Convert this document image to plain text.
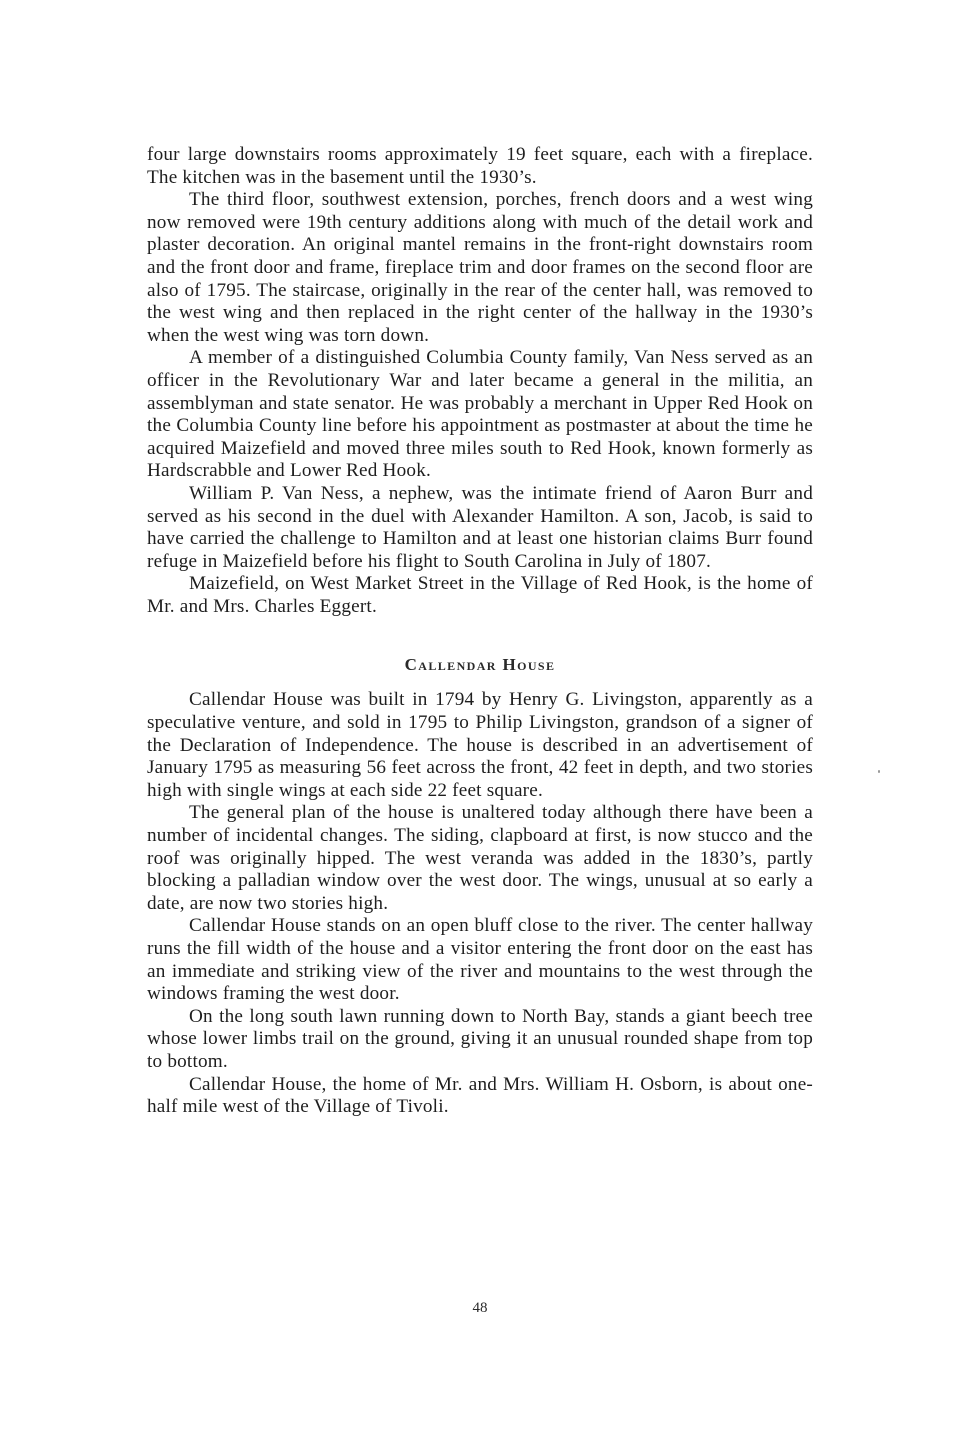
four large downstairs rooms approximately 19 feet square, each with a fireplace. The kitchen was in the basement until the 1930’s.

The third floor, southwest extension, porches, french doors and a west wing now removed were 19th century additions along with much of the detail work and plaster decoration. An original mantel remains in the front-right downstairs room and the front door and frame, fireplace trim and door frames on the second floor are also of 1795. The staircase, originally in the rear of the center hall, was removed to the west wing and then replaced in the right center of the hallway in the 1930’s when the west wing was torn down.

A member of a distinguished Columbia County family, Van Ness served as an officer in the Revolutionary War and later became a general in the militia, an assemblyman and state senator. He was probably a merchant in Upper Red Hook on the Columbia County line before his appointment as postmaster at about the time he acquired Maizefield and moved three miles south to Red Hook, known formerly as Hardscrabble and Lower Red Hook.

William P. Van Ness, a nephew, was the intimate friend of Aaron Burr and served as his second in the duel with Alexander Hamilton. A son, Jacob, is said to have carried the challenge to Hamilton and at least one historian claims Burr found refuge in Maizefield before his flight to South Carolina in July of 1807.

Maizefield, on West Market Street in the Village of Red Hook, is the home of Mr. and Mrs. Charles Eggert.

Callendar House

Callendar House was built in 1794 by Henry G. Livingston, apparently as a speculative venture, and sold in 1795 to Philip Livingston, grandson of a signer of the Declaration of Independence. The house is described in an advertisement of January 1795 as measuring 56 feet across the front, 42 feet in depth, and two stories high with single wings at each side 22 feet square.

The general plan of the house is unaltered today although there have been a number of incidental changes. The siding, clapboard at first, is now stucco and the roof was originally hipped. The west veranda was added in the 1830’s, partly blocking a palladian window over the west door. The wings, unusual at so early a date, are now two stories high.

Callendar House stands on an open bluff close to the river. The center hallway runs the fill width of the house and a visitor entering the front door on the east has an immediate and striking view of the river and mountains to the west through the windows framing the west door.

On the long south lawn running down to North Bay, stands a giant beech tree whose lower limbs trail on the ground, giving it an unusual rounded shape from top to bottom.

Callendar House, the home of Mr. and Mrs. William H. Osborn, is about one-half mile west of the Village of Tivoli.

48
